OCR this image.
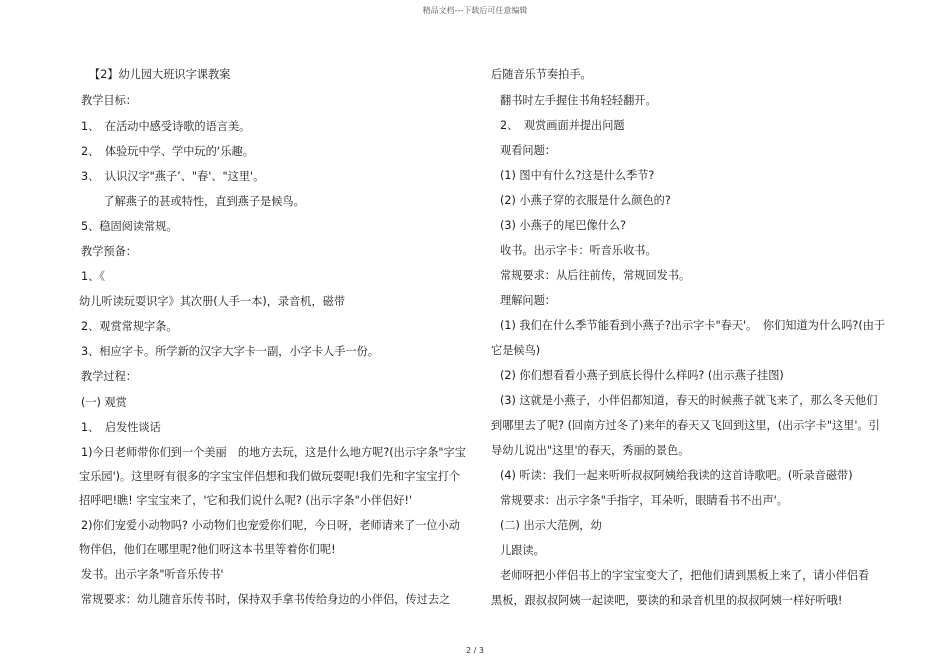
精品文档---下载后可任意编辑
【2】幼儿园大班识字课教案
教学目标：
1、　在活动中感受诗歌的语言美。
2、　体验玩中学、学中玩的‘乐趣。
3、　认识汉字"燕子’、"春'、"这里'。
　　了解燕子的甚或特性，直到燕子是候鸟。
5、稳固阅读常规。
教学预备：
1、《
幼儿听读玩耍识字》其次册(人手一本)，录音机，磁带
2、观赏常规字条。
3、相应字卡。所学新的汉字大字卡一副，小字卡人手一份。
教学过程：
(一) 观赏
1、　启发性谈话
1)今日老师带你们到一个美丽　的地方去玩，这是什么地方呢?(出示字条"字宝
宝乐园')。这里呀有很多的字宝宝伴侣想和我们做玩耍呢!我们先和字宝宝打个
招呼吧!瞧! 字宝宝来了，'它和我们说什么呢? (出示字条"小伴侣好!'
2)你们宠爱小动物吗? 小动物们也宠爱你们呢，今日呀，老师请来了一位小动
物伴侣，他们在哪里呢?他们呀这本书里等着你们呢!
发书。出示字条"听音乐传书'
常规要求：幼儿随音乐传书时，保持双手拿书传给身边的小伴侣，传过去之
后随音乐节奏拍手。
翻书时左手握住书角轻轻翻开。
2、　观赏画面并提出问题
观看问题：
(1) 图中有什么?这是什么季节?
(2) 小燕子穿的衣服是什么颜色的?
(3) 小燕子的尾巴像什么?
收书。出示字卡：听音乐收书。
常规要求：从后往前传，常规回发书。
理解问题：
(1) 我们在什么季节能看到小燕子?出示字卡"春天'。　你们知道为什么吗?(由于
它是候鸟)
(2) 你们想看看小燕子到底长得什么样吗? (出示燕子挂图)
(3) 这就是小燕子，小伴侣都知道，春天的时候燕子就飞来了，那么冬天他们
到哪里去了呢? (回南方过冬了)来年的春天又飞回到这里，(出示字卡"这里'。引
导幼儿说出"这里'的春天，秀丽的景色。
(4) 听读：我们一起来听听叔叔阿姨给我读的这首诗歌吧。(听录音磁带)
常规要求：出示字条"手指字，耳朵听，眼睛看书不出声'。
(二) 出示大范例，幼
儿跟读。
老师呀把小伴侣书上的字宝宝变大了，把他们请到黑板上来了，请小伴侣看
黑板，跟叔叔阿姨一起读吧，要读的和录音机里的叔叔阿姨一样好听哦!
2 / 3
